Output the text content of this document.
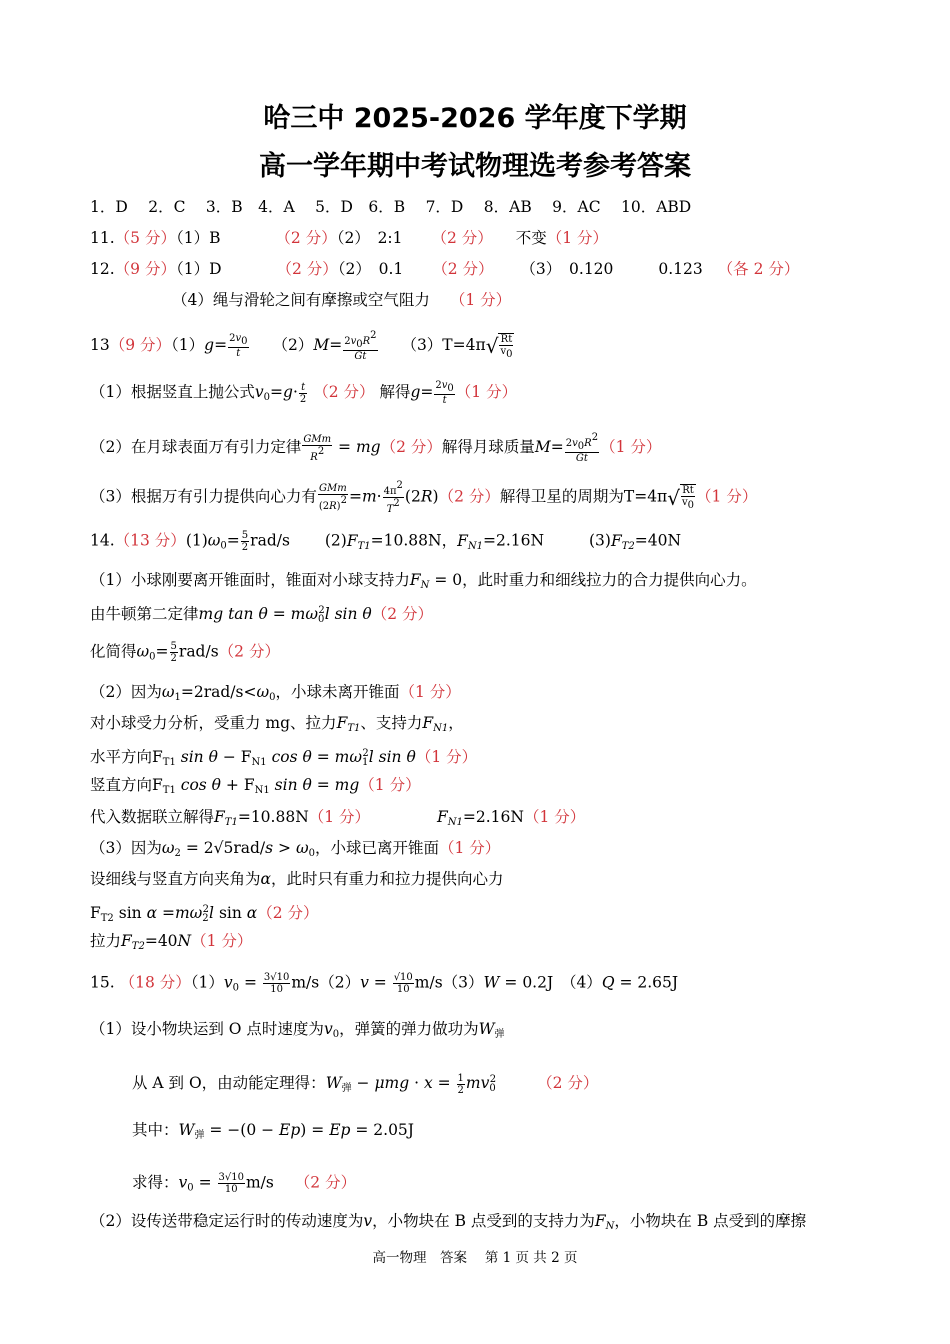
哈三中 2025-2026 学年度下学期
高一学年期中考试物理选考参考答案
1．D　 2．C　 3．B　4．A　 5．D　6．B　 7．D　 8．AB　 9．AC　 10．ABD
11.（5 分）（1）B	（2 分）（2）　2:1 （2 分） 不变（1 分）
12.（9 分）（1）D	（2 分）（2）　0.1 （2 分） （3）　0.120	0.123 （各 2 分）
（4）绳与滑轮之间有摩擦或空气阻力 （1 分）
13（9 分）$(1)g= \frac{2v_0}{t} (2)M= \frac{2v_0R^2}{Gt} (3)T=4\pi√ \frac{Rt}{v_0}$
（1）根据竖直上抛公式$v_0=g\cdot \frac{t}{2} (2$ 分） 解得$g= \frac{2v_0}{t} (1$ 分）
（2）在月球表面万有引力定律 $\frac{\text{GMm}}{R^2} = mg(2$ 分）解得月球质量$M= \frac{2v_0R^2}{Gt} (1$ 分）
（3）根据万有引力提供向心力有 $\frac{\text{GMm}}{(2R)^2} =m\cdot \frac{4\pi^2}{T^2} (2R)(2$ 分）解得卫星的周期为$T=4\pi√ \frac{Rt}{v_0} (1$ 分）
14.（13 分）$(1)\omega_0= \frac{5}{2} rad/s$ $(2)F_{T1}=10.88N$，$F_{N1}=2.16N$	$(3)F_{T2}=40N$
（1）小球刚要离开锥面时，锥面对小球支持力$F_N = 0$，此时重力和细线拉力的合力提供向心力。
由牛顿第二定律mg $\tan \theta = m\omega_0^2l$ sin θ（2 分）
化简得$\omega_0= \frac{5}{2} rad/s(2$ 分）
（2）因为$\omega_1=2rad/s<\omega_0$，小球未离开锥面（1 分）
对小球受力分析，受重力 mg、拉力$F_{T1}$、支持力$F_{N1}$，
水平方向$F_{T1}$ $\sin \theta - F_{N1}$ $\cos \theta = m\omega_1^2l$ sin θ（1 分）
竖直方向$F_{T1}$ $\cos \theta + F_{N1}$ sin θ = mg（1 分）
代入数据联立解得$F_{T1}=10.88N(1$ 分）	$F_{N1}=2.16N(1$ 分）
（3）因为$\omega_2 = 2√5rad/s > \omega_0$，小球已离开锥面（1 分）
设细线与竖直方向夹角为α，此时只有重力和拉力提供向心力
$F_{T2}$ $\sin \alpha =m\omega_2^2l$ sin α（2 分）
拉力$F_{T2}=40N(1$ 分）
15. （18 分）$(1)v_0 = \frac{3√10}{10} m/s(2)v = \frac{√10}{10} m/s(3)W = 0.2J$　（4）Q = 2.65J
（1）设小物块运到 O 点时速度为$v_0$，弹簧的弹力做功为$W_弹$
从 A 到 O，由动能定理得：$W_弹 - \mu mg \cdot x = \frac{1}{2} mv_0^2$	（2 分）
其中：$W_弹 = -(0 - Ep) = Ep = 2.05J$
求得：$v_0 = \frac{3√10}{10} m/s$ （2 分）
（2）设传送带稳定运行时的传动速度为v，小物块在 B 点受到的支持力为$F_N$，小物块在 B 点受到的摩擦
高一物理　答案　 第 1 页 共 2 页
